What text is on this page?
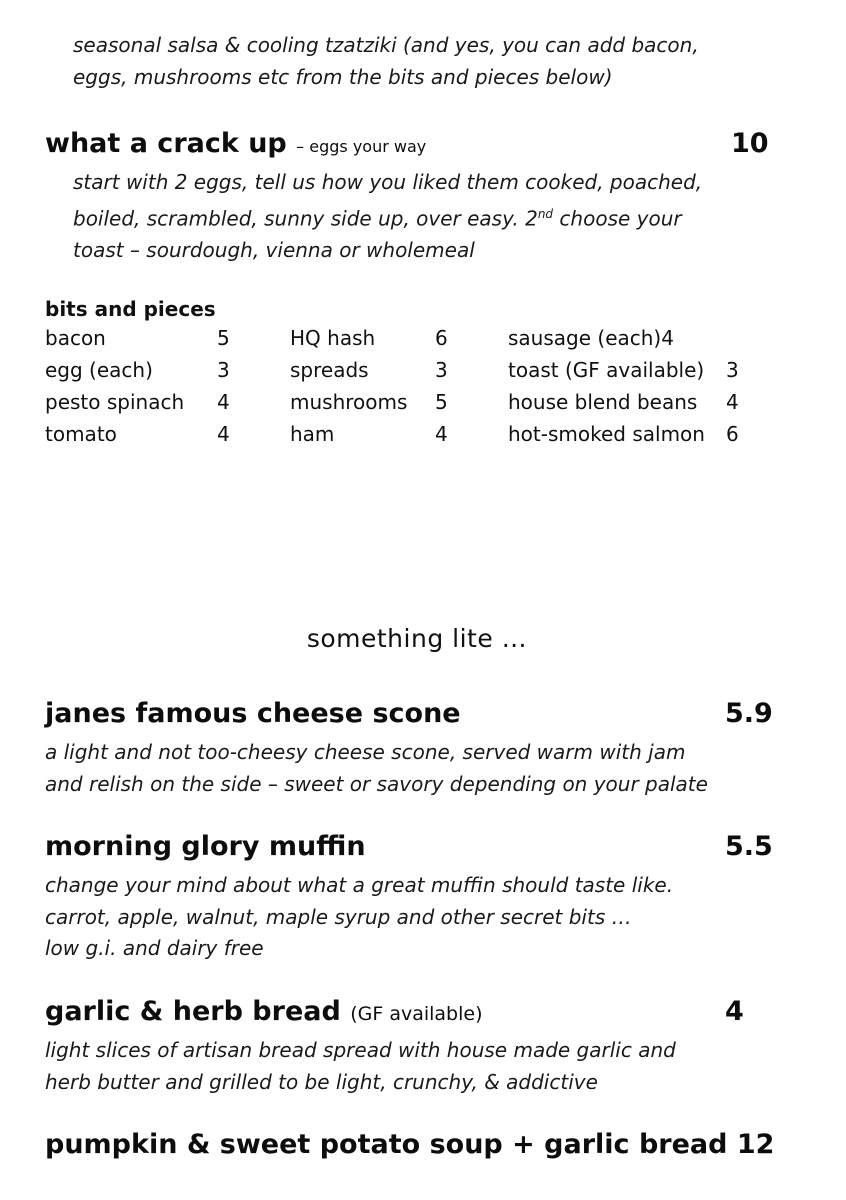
seasonal salsa & cooling tzatziki (and yes, you can add bacon,
eggs, mushrooms etc from the bits and pieces below)
what a crack up – eggs your way	10
start with 2 eggs, tell us how you liked them cooked, poached,
boiled, scrambled, sunny side up, over easy. 2nd choose your
toast – sourdough, vienna or wholemeal
bits and pieces
bacon	5	HQ hash	6	sausage (each)4
egg (each)	3	spreads	3	toast (GF available) 3
pesto spinach 4	mushrooms 5	house blend beans 4
tomato	4	ham	4	hot-smoked salmon 6
something lite …
janes famous cheese scone	5.9
a light and not too-cheesy cheese scone, served warm with jam
and relish on the side – sweet or savory depending on your palate
morning glory muffin	5.5
change your mind about what a great muffin should taste like.
carrot, apple, walnut, maple syrup and other secret bits …
low g.i. and dairy free
garlic & herb bread (GF available)	4
light slices of artisan bread spread with house made garlic and
herb butter and grilled to be light, crunchy, & addictive
pumpkin & sweet potato soup + garlic bread 12
